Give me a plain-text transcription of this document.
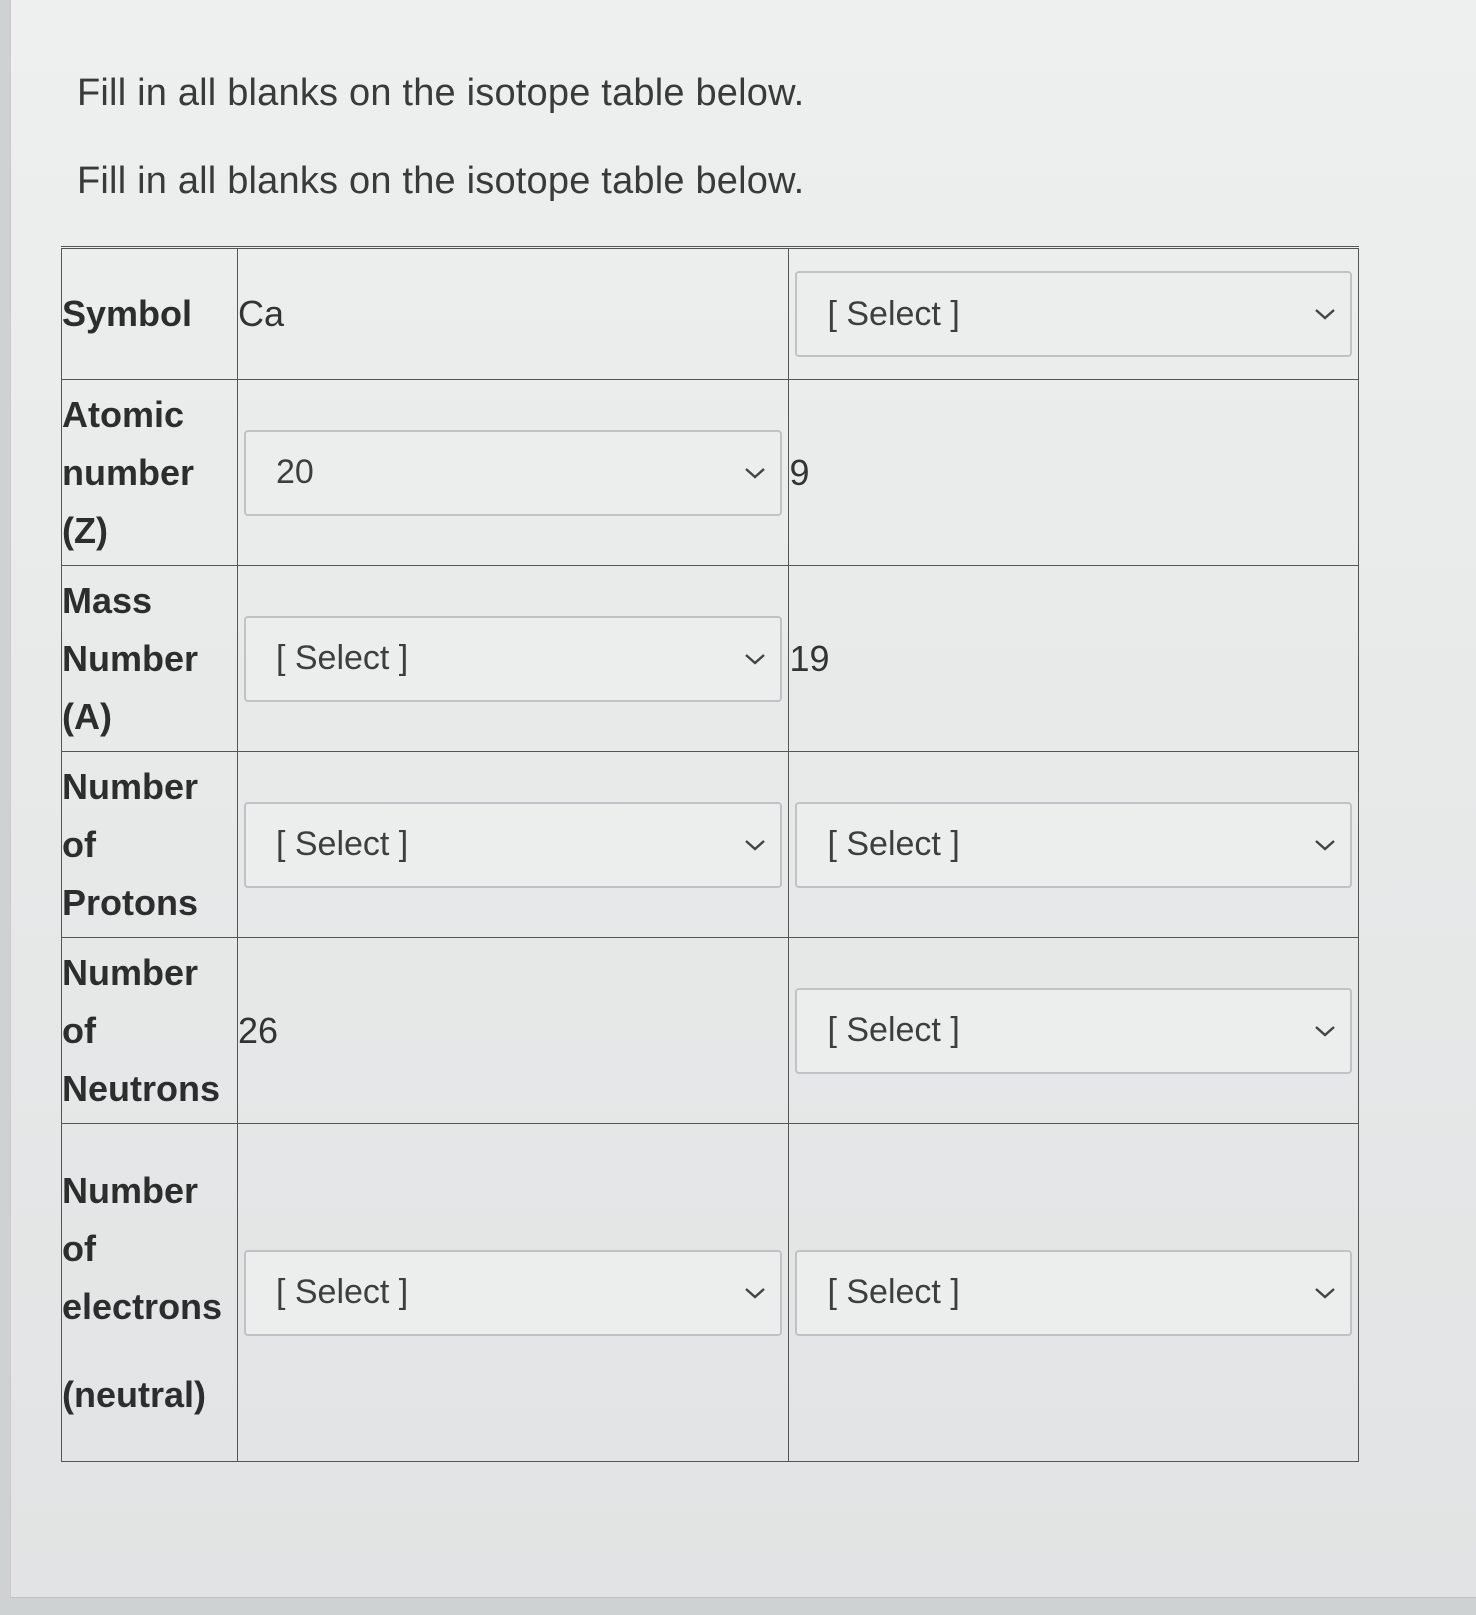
Fill in all blanks on the isotope table below.

Fill in all blanks on the isotope table below.

Symbol	Ca	[ Select ]

Atomic
number
(Z)	20	9

Mass
Number
(A)	[ Select ]	19

Number
of
Protons	[ Select ]	[ Select ]

Number
of
Neutrons	26	[ Select ]

Number
of
electrons
(neutral)	[ Select ]	[ Select ]
